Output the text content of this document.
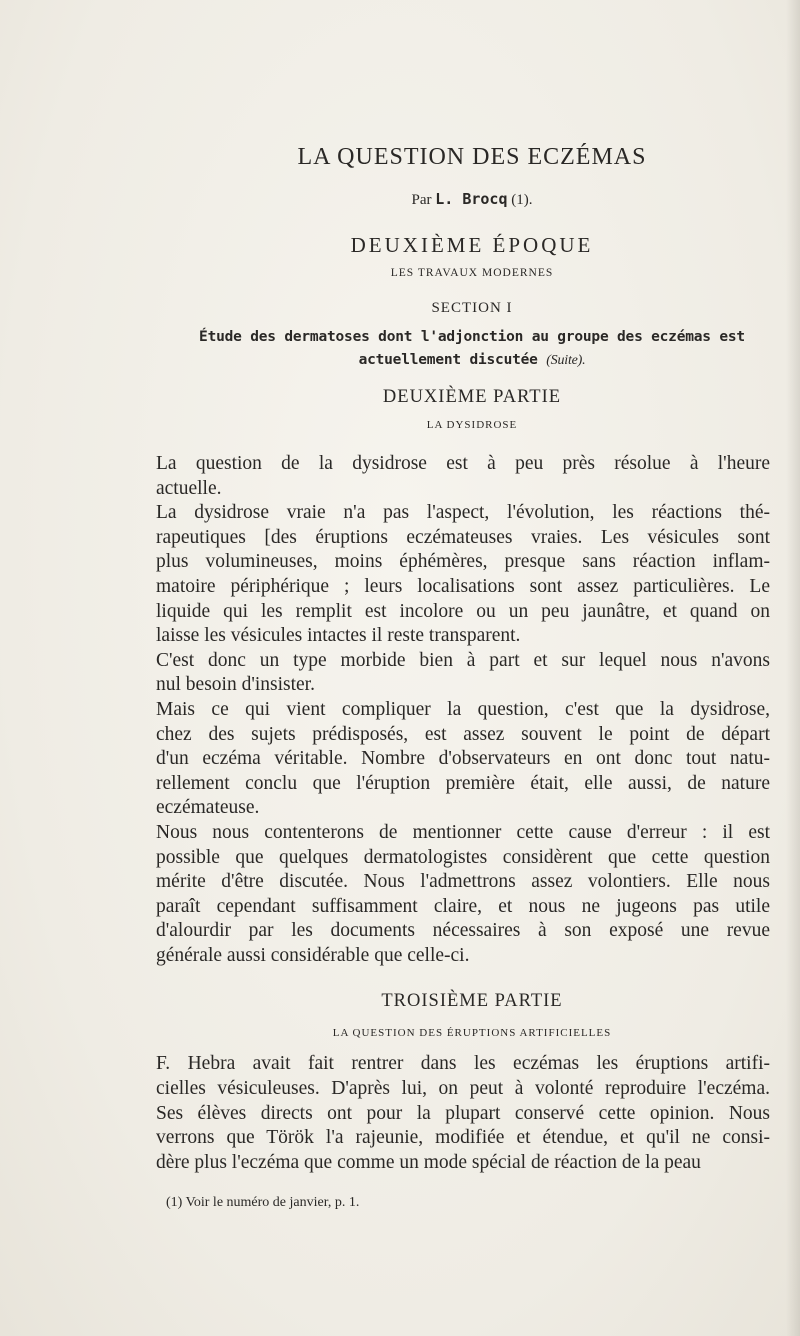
LA QUESTION DES ECZÉMAS
Par L. Brocq (1).
DEUXIÈME ÉPOQUE
LES TRAVAUX MODERNES
SECTION I
Étude des dermatoses dont l'adjonction au groupe des eczémas est
actuellement discutée (Suite).
DEUXIÈME PARTIE
LA DYSIDROSE
La question de la dysidrose est à peu près résolue à l'heure
actuelle.
La dysidrose vraie n'a pas l'aspect, l'évolution, les réactions thé-
rapeutiques [des éruptions eczémateuses vraies. Les vésicules sont
plus volumineuses, moins éphémères, presque sans réaction inflam-
matoire périphérique ; leurs localisations sont assez particulières. Le
liquide qui les remplit est incolore ou un peu jaunâtre, et quand on
laisse les vésicules intactes il reste transparent.
C'est donc un type morbide bien à part et sur lequel nous n'avons
nul besoin d'insister.
Mais ce qui vient compliquer la question, c'est que la dysidrose,
chez des sujets prédisposés, est assez souvent le point de départ
d'un eczéma véritable. Nombre d'observateurs en ont donc tout natu-
rellement conclu que l'éruption première était, elle aussi, de nature
eczémateuse.
Nous nous contenterons de mentionner cette cause d'erreur : il est
possible que quelques dermatologistes considèrent que cette question
mérite d'être discutée. Nous l'admettrons assez volontiers. Elle nous
paraît cependant suffisamment claire, et nous ne jugeons pas utile
d'alourdir par les documents nécessaires à son exposé une revue
générale aussi considérable que celle-ci.
TROISIÈME PARTIE
LA QUESTION DES ÉRUPTIONS ARTIFICIELLES
F. Hebra avait fait rentrer dans les eczémas les éruptions artifi-
cielles vésiculeuses. D'après lui, on peut à volonté reproduire l'eczéma.
Ses élèves directs ont pour la plupart conservé cette opinion. Nous
verrons que Török l'a rajeunie, modifiée et étendue, et qu'il ne consi-
dère plus l'eczéma que comme un mode spécial de réaction de la peau
(1) Voir le numéro de janvier, p. 1.
